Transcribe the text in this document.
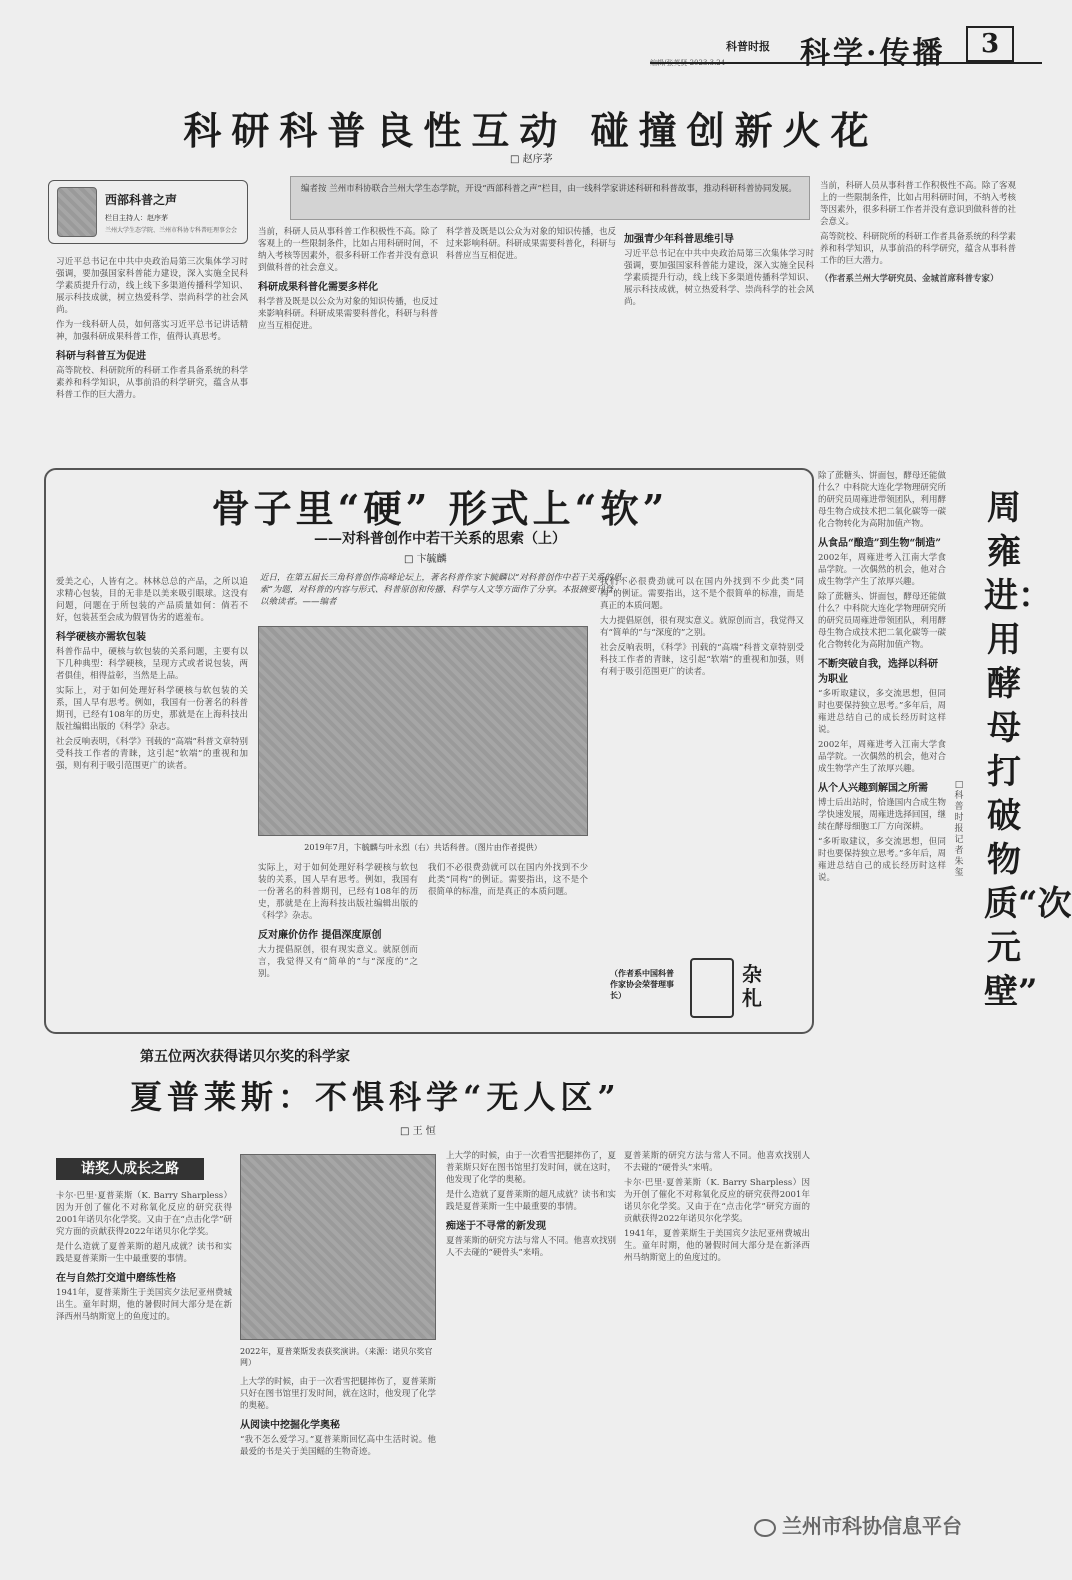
科普时报 科学·传播	3
科研科普良性互动 碰撞创新火花
□ 赵序茅
西部科普之声
栏目主持人：赵序茅
兰州大学生态学院、兰州市科协专科普旺理事会会
编者按 兰州市科协联合兰州大学生态学院，开设“西部科普之声”栏目，由一线科学家讲述科研和科普故事，推动科研科普协同发展。
习近平总书记在中共中央政治局第三次集体学习时强调，要加强国家科普能力建设，深入实施全民科学素质提升行动，线上线下多渠道传播科学知识、展示科技成就，树立热爱科学、崇尚科学的社会风尚。
作为一线科研人员，如何落实习近平总书记讲话精神，加强科研成果科普工作，值得认真思考。
科研与科普互为促进
高等院校、科研院所的科研工作者具备系统的科学素养和科学知识，从事前沿的科学研究，蕴含从事科普工作的巨大潜力。
当前，科研人员从事科普工作积极性不高。除了客观上的一些限制条件，比如占用科研时间，不纳入考核等因素外，很多科研工作者并没有意识到做科普的社会意义。
科研成果科普化需要多样化
科学普及既是以公众为对象的知识传播，也反过来影响科研。科研成果需要科普化，科研与科普应当互相促进。
科学普及既是以公众为对象的知识传播，也反过来影响科研。科研成果需要科普化，科研与科普应当互相促进。
加强青少年科普思维引导
习近平总书记在中共中央政治局第三次集体学习时强调，要加强国家科普能力建设，深入实施全民科学素质提升行动，线上线下多渠道传播科学知识、展示科技成就，树立热爱科学、崇尚科学的社会风尚。
当前，科研人员从事科普工作积极性不高。除了客观上的一些限制条件，比如占用科研时间，不纳入考核等因素外，很多科研工作者并没有意识到做科普的社会意义。
高等院校、科研院所的科研工作者具备系统的科学素养和科学知识，从事前沿的科学研究，蕴含从事科普工作的巨大潜力。
（作者系兰州大学研究员、金城首席科普专家）
骨子里“硬” 形式上“软”
——对科普创作中若干关系的思索（上）
□ 卞毓麟
爱美之心，人皆有之。林林总总的产品，之所以追求精心包装，目的无非是以美来吸引眼球。这没有问题，问题在于所包装的产品质量如何：倘若不好，包装甚至会成为假冒伪劣的遮羞布。
科学硬核亦需软包装
科普作品中，硬核与软包装的关系问题，主要有以下几种典型：科学硬核，呈现方式或者说包装，两者俱佳，相得益彰，当然是上品。
实际上，对于如何处理好科学硬核与软包装的关系，国人早有思考。例如，我国有一份著名的科普期刊，已经有108年的历史，那就是在上海科技出版社编辑出版的《科学》杂志。
社会反响表明，《科学》刊载的“高端”科普文章特别受科技工作者的青睐，这引起“软端”的重视和加强，则有利于吸引范围更广的读者。
近日，在第五届长三角科普创作高峰论坛上，著名科普作家卞毓麟以“对科普创作中若干关系的思索”为题，对科普的内容与形式、科普原创和传播、科学与人文等方面作了分享。本报摘要刊登，以飨读者。——编者
2019年7月，卞毓麟与叶永烈（右）共话科普。（图片由作者提供）
实际上，对于如何处理好科学硬核与软包装的关系，国人早有思考。例如，我国有一份著名的科普期刊，已经有108年的历史，那就是在上海科技出版社编辑出版的《科学》杂志。
反对廉价仿作 提倡深度原创
大力提倡原创，很有现实意义。就原创而言，我觉得又有“简单的”与“深度的”之别。
我们不必很费劲就可以在国内外找到不少此类“同构”的例证。需要指出，这不是个很简单的标准，而是真正的本质问题。
我们不必很费劲就可以在国内外找到不少此类“同构”的例证。需要指出，这不是个很简单的标准，而是真正的本质问题。
大力提倡原创，很有现实意义。就原创而言，我觉得又有“简单的”与“深度的”之别。
社会反响表明，《科学》刊载的“高端”科普文章特别受科技工作者的青睐，这引起“软端”的重视和加强，则有利于吸引范围更广的读者。
（作者系中国科普作家协会荣誉理事长）
杂札
除了蔗糖头、饼面包，酵母还能做什么？中科院大连化学物理研究所的研究员周雍进带领团队，利用酵母生物合成技术把二氧化碳等一碳化合物转化为高附加值产物。
从食品“酿造”到生物“制造”
2002年，周雍进考入江南大学食品学院。一次偶然的机会，他对合成生物学产生了浓厚兴趣。
除了蔗糖头、饼面包，酵母还能做什么？中科院大连化学物理研究所的研究员周雍进带领团队，利用酵母生物合成技术把二氧化碳等一碳化合物转化为高附加值产物。
不断突破自我，选择以科研为职业
“多听取建议，多交流思想，但同时也要保持独立思考。”多年后，周雍进总结自己的成长经历时这样说。
2002年，周雍进考入江南大学食品学院。一次偶然的机会，他对合成生物学产生了浓厚兴趣。
从个人兴趣到解国之所需
博士后出站时，恰逢国内合成生物学快速发展，周雍进选择回国，继续在酵母细胞工厂方向深耕。
“多听取建议，多交流思想，但同时也要保持独立思考。”多年后，周雍进总结自己的成长经历时这样说。
周雍进：用酵母打破物质“次元壁”
□ 科普时报记者 朱 玺
第五位两次获得诺贝尔奖的科学家
夏普莱斯：不惧科学“无人区”
□ 王 恒
诺奖人成长之路
2022年，夏普莱斯发表获奖演讲。（来源：诺贝尔奖官网）
卡尔·巴里·夏普莱斯（K. Barry Sharpless）因为开创了催化不对称氧化反应的研究获得2001年诺贝尔化学奖。又由于在“点击化学”研究方面的贡献获得2022年诺贝尔化学奖。
是什么造就了夏普莱斯的超凡成就？读书和实践是夏普莱斯一生中最重要的事情。
在与自然打交道中磨练性格
1941年，夏普莱斯生于美国宾夕法尼亚州费城出生。童年时期，他的暑假时间大部分是在新泽西州马纳斯宽上的鱼度过的。
上大学的时候，由于一次看雪把腿摔伤了，夏普莱斯只好在图书馆里打发时间，就在这时，他发现了化学的奥秘。
从阅读中挖掘化学奥秘
“我不怎么爱学习。”夏普莱斯回忆高中生活时说。他最爱的书是关于美国鳐的生物奇迹。
上大学的时候，由于一次看雪把腿摔伤了，夏普莱斯只好在图书馆里打发时间，就在这时，他发现了化学的奥秘。
是什么造就了夏普莱斯的超凡成就？读书和实践是夏普莱斯一生中最重要的事情。
痴迷于不寻常的新发现
夏普莱斯的研究方法与常人不同。他喜欢找别人不去碰的“硬骨头”来啃。
夏普莱斯的研究方法与常人不同。他喜欢找别人不去碰的“硬骨头”来啃。
卡尔·巴里·夏普莱斯（K. Barry Sharpless）因为开创了催化不对称氧化反应的研究获得2001年诺贝尔化学奖。又由于在“点击化学”研究方面的贡献获得2022年诺贝尔化学奖。
1941年，夏普莱斯生于美国宾夕法尼亚州费城出生。童年时期，他的暑假时间大部分是在新泽西州马纳斯宽上的鱼度过的。
兰州市科协信息平台
